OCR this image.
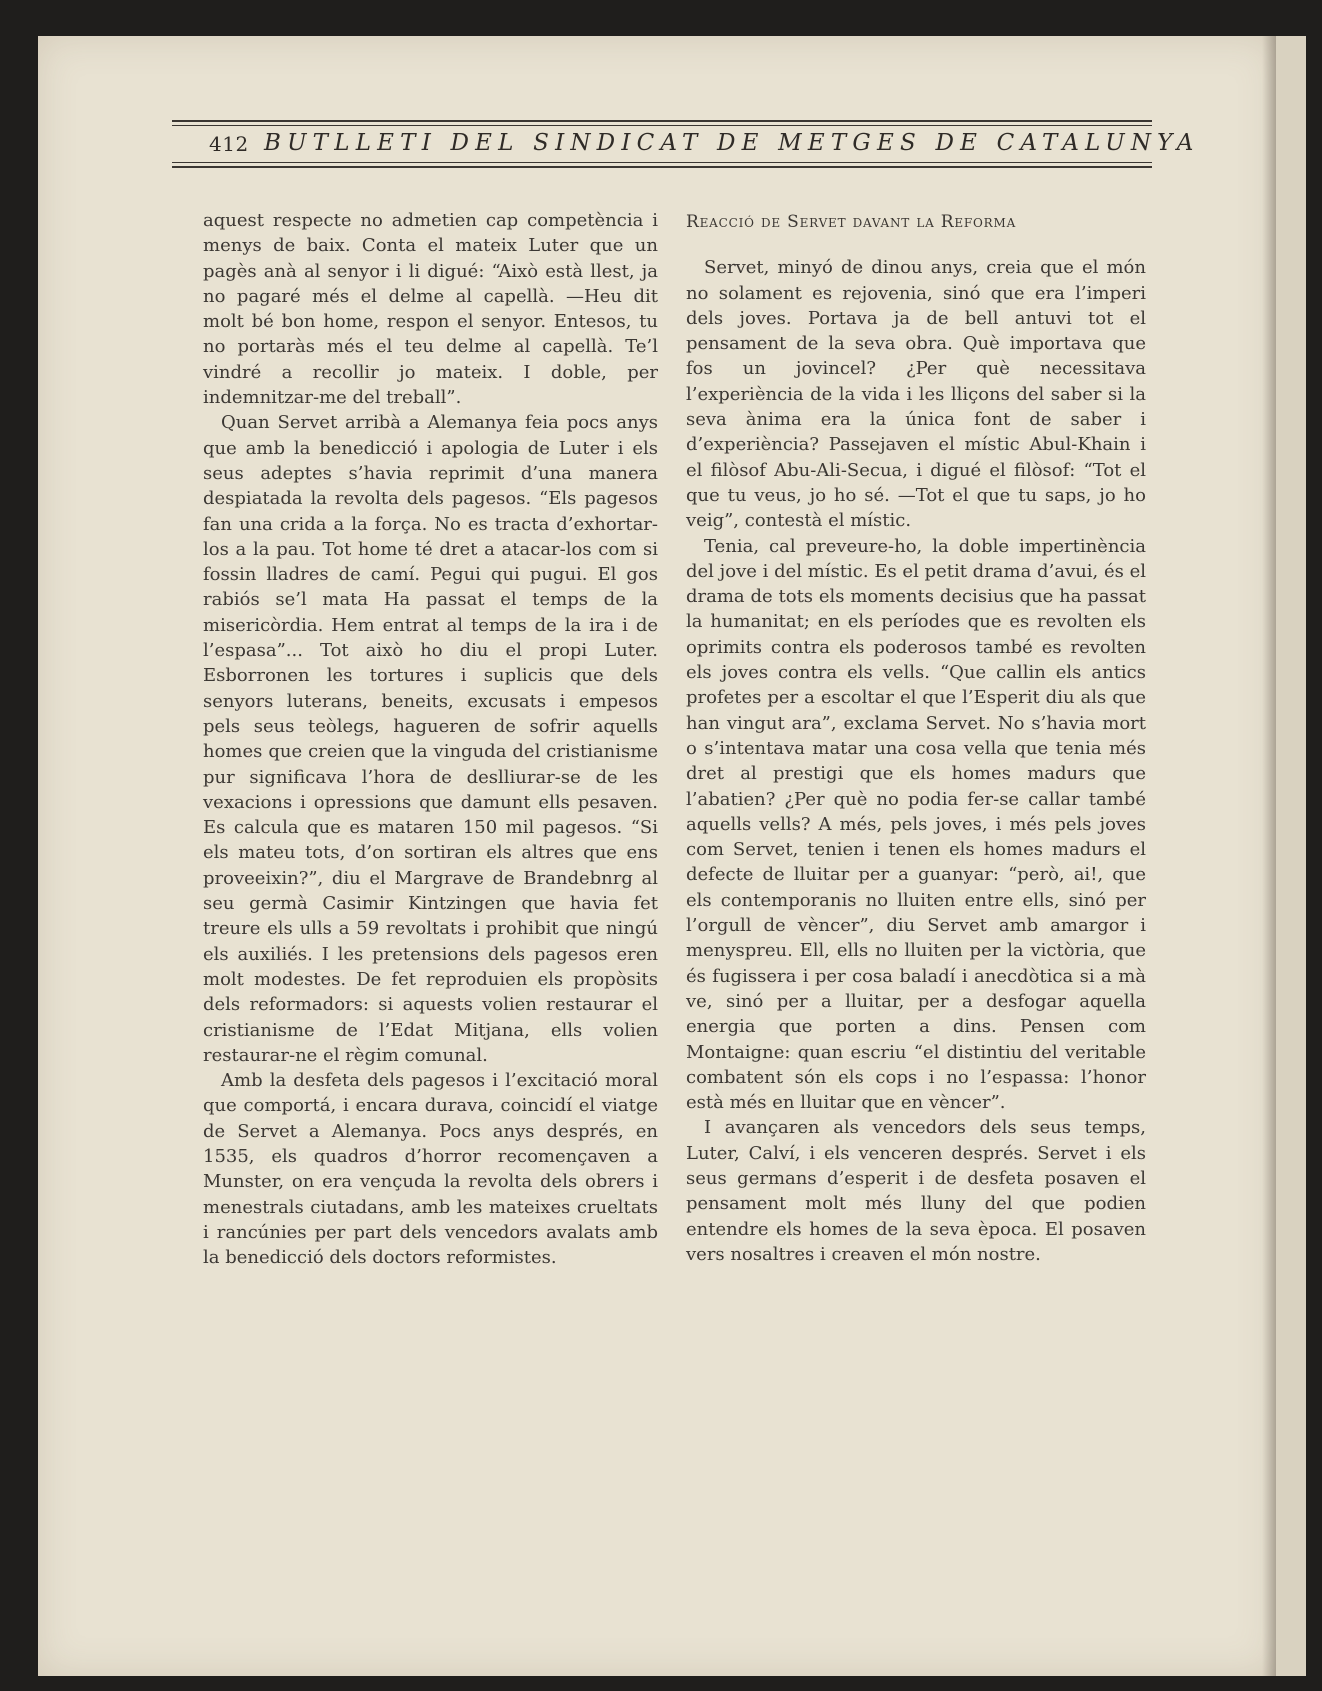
412 BUTLLETI DEL SINDICAT DE METGES DE CATALUNYA

aquest respecte no admetien cap competència i menys de baix. Conta el mateix Luter que un pagès anà al senyor i li digué: “Això està llest, ja no pagaré més el delme al capellà. —Heu dit molt bé bon home, respon el senyor. Entesos, tu no portaràs més el teu delme al capellà. Te’l vindré a recollir jo mateix. I doble, per indemnitzar-me del treball”.

Quan Servet arribà a Alemanya feia pocs anys que amb la benedicció i apologia de Luter i els seus adeptes s’havia reprimit d’una manera despiatada la revolta dels pagesos. “Els pagesos fan una crida a la força. No es tracta d’exhortar-los a la pau. Tot home té dret a atacar-los com si fossin lladres de camí. Pegui qui pugui. El gos rabiós se’l mata Ha passat el temps de la misericòrdia. Hem entrat al temps de la ira i de l’espasa”... Tot això ho diu el propi Luter. Esborronen les tortures i suplicis que dels senyors luterans, beneits, excusats i empesos pels seus teòlegs, hagueren de sofrir aquells homes que creien que la vinguda del cristianisme pur significava l’hora de deslliurar-se de les vexacions i opressions que damunt ells pesaven. Es calcula que es mataren 150 mil pagesos. “Si els mateu tots, d’on sortiran els altres que ens proveeixin?”, diu el Margrave de Brandebnrg al seu germà Casimir Kintzingen que havia fet treure els ulls a 59 revoltats i prohibit que ningú els auxiliés. I les pretensions dels pagesos eren molt modestes. De fet reproduien els propòsits dels reformadors: si aquests volien restaurar el cristianisme de l’Edat Mitjana, ells volien restaurar-ne el règim comunal.

Amb la desfeta dels pagesos i l’excitació moral que comportá, i encara durava, coincidí el viatge de Servet a Alemanya. Pocs anys després, en 1535, els quadros d’horror recomençaven a Munster, on era vençuda la revolta dels obrers i menestrals ciutadans, amb les mateixes crueltats i rancúnies per part dels vencedors avalats amb la benedicció dels doctors reformistes.

Reacció de Servet davant la Reforma

Servet, minyó de dinou anys, creia que el món no solament es rejovenia, sinó que era l’imperi dels joves. Portava ja de bell antuvi tot el pensament de la seva obra. Què importava que fos un jovincel? ¿Per què necessitava l’experiència de la vida i les lliçons del saber si la seva ànima era la única font de saber i d’experiència? Passejaven el místic Abul-Khain i el filòsof Abu-Ali-Secua, i digué el filòsof: “Tot el que tu veus, jo ho sé. —Tot el que tu saps, jo ho veig”, contestà el místic.

Tenia, cal preveure-ho, la doble impertinència del jove i del místic. Es el petit drama d’avui, és el drama de tots els moments decisius que ha passat la humanitat; en els períodes que es revolten els oprimits contra els poderosos també es revolten els joves contra els vells. “Que callin els antics profetes per a escoltar el que l’Esperit diu als que han vingut ara”, exclama Servet. No s’havia mort o s’intentava matar una cosa vella que tenia més dret al prestigi que els homes madurs que l’abatien? ¿Per què no podia fer-se callar també aquells vells? A més, pels joves, i més pels joves com Servet, tenien i tenen els homes madurs el defecte de lluitar per a guanyar: “però, ai!, que els contemporanis no lluiten entre ells, sinó per l’orgull de vèncer”, diu Servet amb amargor i menyspreu. Ell, ells no lluiten per la victòria, que és fugissera i per cosa baladí i anecdòtica si a mà ve, sinó per a lluitar, per a desfogar aquella energia que porten a dins. Pensen com Montaigne: quan escriu “el distintiu del veritable combatent són els cops i no l’espassa: l’honor està més en lluitar que en vèncer”.

I avançaren als vencedors dels seus temps, Luter, Calví, i els venceren després. Servet i els seus germans d’esperit i de desfeta posaven el pensament molt més lluny del que podien entendre els homes de la seva època. El posaven vers nosaltres i creaven el món nostre.
